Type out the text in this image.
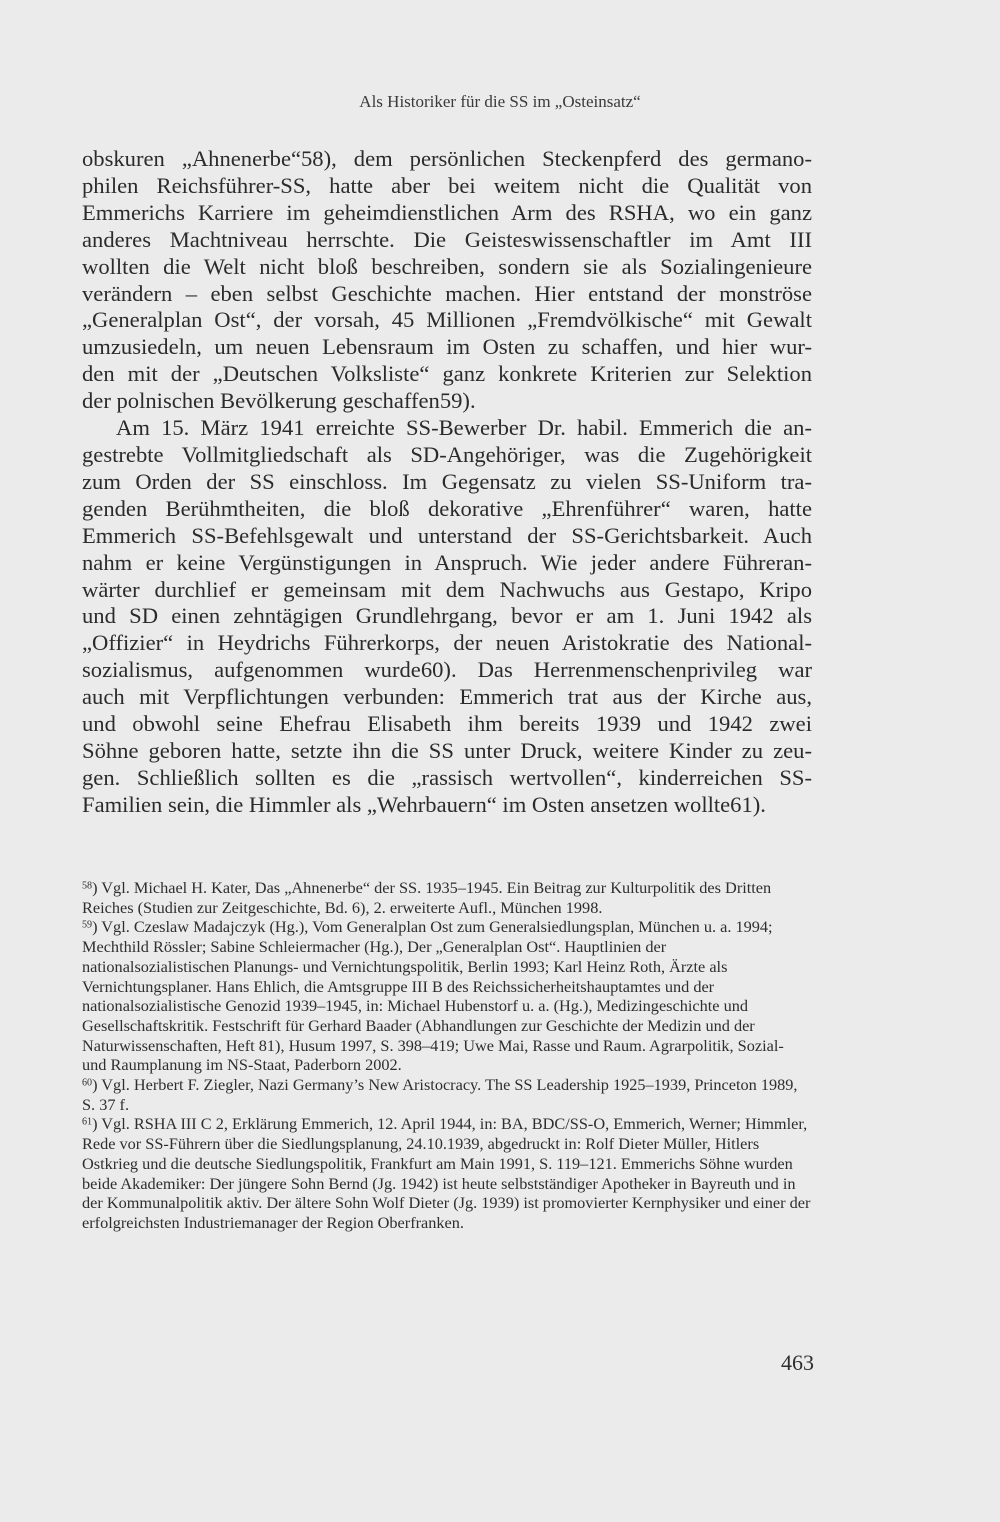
Als Historiker für die SS im „Osteinsatz“
obskuren „Ahnenerbe“58), dem persönlichen Steckenpferd des germano-
philen Reichsführer-SS, hatte aber bei weitem nicht die Qualität von
Emmerichs Karriere im geheimdienstlichen Arm des RSHA, wo ein ganz
anderes Machtniveau herrschte. Die Geisteswissenschaftler im Amt III
wollten die Welt nicht bloß beschreiben, sondern sie als Sozialingenieure
verändern – eben selbst Geschichte machen. Hier entstand der monströse
„Generalplan Ost“, der vorsah, 45 Millionen „Fremdvölkische“ mit Gewalt
umzusiedeln, um neuen Lebensraum im Osten zu schaffen, und hier wur-
den mit der „Deutschen Volksliste“ ganz konkrete Kriterien zur Selektion
der polnischen Bevölkerung geschaffen59).
Am 15. März 1941 erreichte SS-Bewerber Dr. habil. Emmerich die an-
gestrebte Vollmitgliedschaft als SD-Angehöriger, was die Zugehörigkeit
zum Orden der SS einschloss. Im Gegensatz zu vielen SS-Uniform tra-
genden Berühmtheiten, die bloß dekorative „Ehrenführer“ waren, hatte
Emmerich SS-Befehlsgewalt und unterstand der SS-Gerichtsbarkeit. Auch
nahm er keine Vergünstigungen in Anspruch. Wie jeder andere Führeran-
wärter durchlief er gemeinsam mit dem Nachwuchs aus Gestapo, Kripo
und SD einen zehntägigen Grundlehrgang, bevor er am 1. Juni 1942 als
„Offizier“ in Heydrichs Führerkorps, der neuen Aristokratie des National-
sozialismus, aufgenommen wurde60). Das Herrenmenschenprivileg war
auch mit Verpflichtungen verbunden: Emmerich trat aus der Kirche aus,
und obwohl seine Ehefrau Elisabeth ihm bereits 1939 und 1942 zwei
Söhne geboren hatte, setzte ihn die SS unter Druck, weitere Kinder zu zeu-
gen. Schließlich sollten es die „rassisch wertvollen“, kinderreichen SS-
Familien sein, die Himmler als „Wehrbauern“ im Osten ansetzen wollte61).

$^{58}$) Vgl. Michael H. Kater, Das „Ahnenerbe“ der SS. 1935–1945. Ein Beitrag zur Kulturpolitik des Dritten Reiches (Studien zur Zeitgeschichte, Bd. 6), 2. erweiterte Aufl., München 1998.

$^{59}$) Vgl. Czeslaw Madajczyk (Hg.), Vom Generalplan Ost zum Generalsiedlungsplan, München u. a. 1994; Mechthild Rössler; Sabine Schleiermacher (Hg.), Der „Generalplan Ost“. Hauptlinien der nationalsozialistischen Planungs- und Vernichtungspolitik, Berlin 1993; Karl Heinz Roth, Ärzte als Vernichtungsplaner. Hans Ehlich, die Amtsgruppe III B des Reichssicherheitshauptamtes und der nationalsozialistische Genozid 1939–1945, in: Michael Hubenstorf u. a. (Hg.), Medizingeschichte und Gesellschaftskritik. Festschrift für Gerhard Baader (Abhandlungen zur Geschichte der Medizin und der Naturwissenschaften, Heft 81), Husum 1997, S. 398–419; Uwe Mai, Rasse und Raum. Agrarpolitik, Sozial- und Raumplanung im NS-Staat, Paderborn 2002.

$^{60}$) Vgl. Herbert F. Ziegler, Nazi Germany’s New Aristocracy. The SS Leadership 1925–1939, Princeton 1989, S. 37 f.

$^{61}$) Vgl. RSHA III C 2, Erklärung Emmerich, 12. April 1944, in: BA, BDC/SS-O, Emmerich, Werner; Himmler, Rede vor SS-Führern über die Siedlungsplanung, 24.10.1939, abgedruckt in: Rolf Dieter Müller, Hitlers Ostkrieg und die deutsche Siedlungspolitik, Frankfurt am Main 1991, S. 119–121. Emmerichs Söhne wurden beide Akademiker: Der jüngere Sohn Bernd (Jg. 1942) ist heute selbstständiger Apotheker in Bayreuth und in der Kommunalpolitik aktiv. Der ältere Sohn Wolf Dieter (Jg. 1939) ist promovierter Kernphysiker und einer der erfolgreichsten Industriemanager der Region Oberfranken.

463
